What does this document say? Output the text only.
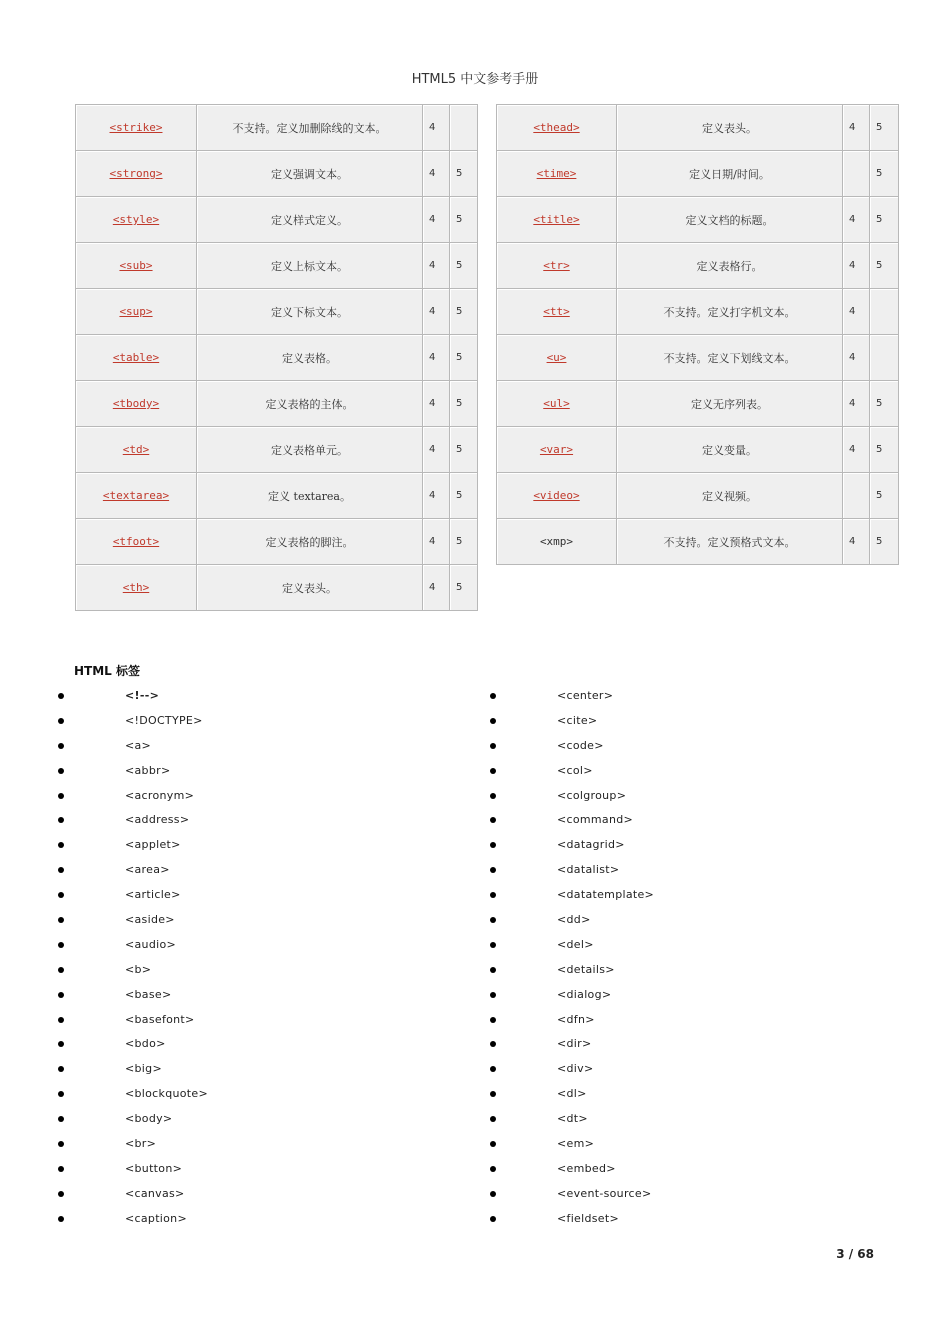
HTML5 中文参考手册
<strike>	不支持。定义加删除线的文本。	4	
<strong>	定义强调文本。	4	5
<style>	定义样式定义。	4	5
<sub>	定义上标文本。	4	5
<sup>	定义下标文本。	4	5
<table>	定义表格。	4	5
<tbody>	定义表格的主体。	4	5
<td>	定义表格单元。	4	5
<textarea>	定义 textarea。	4	5
<tfoot>	定义表格的脚注。	4	5
<th>	定义表头。	4	5
<thead>	定义表头。	4	5
<time>	定义日期/时间。		5
<title>	定义文档的标题。	4	5
<tr>	定义表格行。	4	5
<tt>	不支持。定义打字机文本。	4	
<u>	不支持。定义下划线文本。	4	
<ul>	定义无序列表。	4	5
<var>	定义变量。	4	5
<video>	定义视频。		5
<xmp>	不支持。定义预格式文本。	4	5
HTML 标签
<!-->
<!DOCTYPE>
<a>
<abbr>
<acronym>
<address>
<applet>
<area>
<article>
<aside>
<audio>
<b>
<base>
<basefont>
<bdo>
<big>
<blockquote>
<body>
<br>
<button>
<canvas>
<caption>
<center>
<cite>
<code>
<col>
<colgroup>
<command>
<datagrid>
<datalist>
<datatemplate>
<dd>
<del>
<details>
<dialog>
<dfn>
<dir>
<div>
<dl>
<dt>
<em>
<embed>
<event-source>
<fieldset>
3 / 68
